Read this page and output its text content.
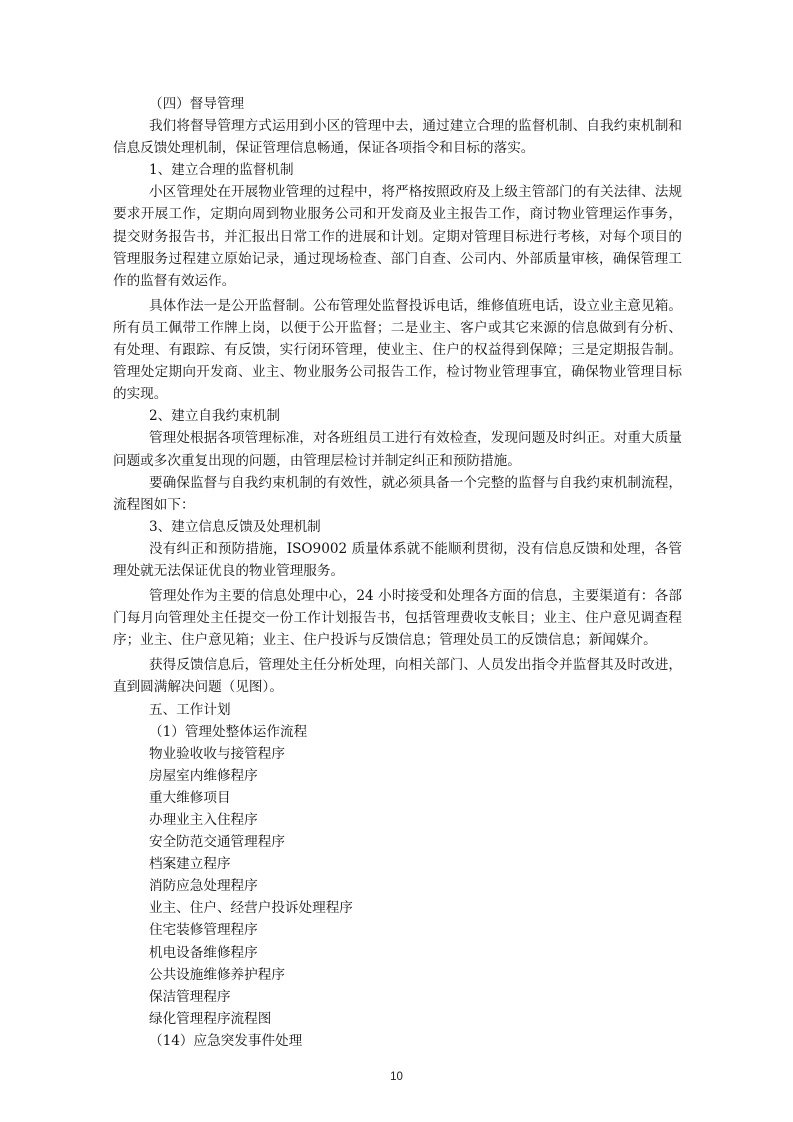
（四）督导管理

我们将督导管理方式运用到小区的管理中去，通过建立合理的监督机制、自我约束机制和信息反馈处理机制，保证管理信息畅通，保证各项指令和目标的落实。

1、建立合理的监督机制

小区管理处在开展物业管理的过程中，将严格按照政府及上级主管部门的有关法律、法规要求开展工作，定期向周到物业服务公司和开发商及业主报告工作，商讨物业管理运作事务，提交财务报告书，并汇报出日常工作的进展和计划。定期对管理目标进行考核，对每个项目的管理服务过程建立原始记录，通过现场检查、部门自查、公司内、外部质量审核，确保管理工作的监督有效运作。

具体作法一是公开监督制。公布管理处监督投诉电话，维修值班电话，设立业主意见箱。所有员工佩带工作牌上岗，以便于公开监督；二是业主、客户或其它来源的信息做到有分析、有处理、有跟踪、有反馈，实行闭环管理，使业主、住户的权益得到保障；三是定期报告制。管理处定期向开发商、业主、物业服务公司报告工作，检讨物业管理事宜，确保物业管理目标的实现。

2、建立自我约束机制

管理处根据各项管理标准，对各班组员工进行有效检查，发现问题及时纠正。对重大质量问题或多次重复出现的问题，由管理层检讨并制定纠正和预防措施。

要确保监督与自我约束机制的有效性，就必须具备一个完整的监督与自我约束机制流程，流程图如下：

3、建立信息反馈及处理机制

没有纠正和预防措施，ISO9002 质量体系就不能顺利贯彻，没有信息反馈和处理，各管理处就无法保证优良的物业管理服务。

管理处作为主要的信息处理中心，24 小时接受和处理各方面的信息，主要渠道有：各部门每月向管理处主任提交一份工作计划报告书，包括管理费收支帐目；业主、住户意见调查程序；业主、住户意见箱；业主、住户投诉与反馈信息；管理处员工的反馈信息；新闻媒介。

获得反馈信息后，管理处主任分析处理，向相关部门、人员发出指令并监督其及时改进，直到圆满解决问题（见图）。

五、工作计划

（1）管理处整体运作流程

物业验收收与接管程序

房屋室内维修程序

重大维修项目

办理业主入住程序

安全防范交通管理程序

档案建立程序

消防应急处理程序

业主、住户、经营户投诉处理程序

住宅装修管理程序

机电设备维修程序

公共设施维修养护程序

保洁管理程序

绿化管理程序流程图

（14）应急突发事件处理

10
